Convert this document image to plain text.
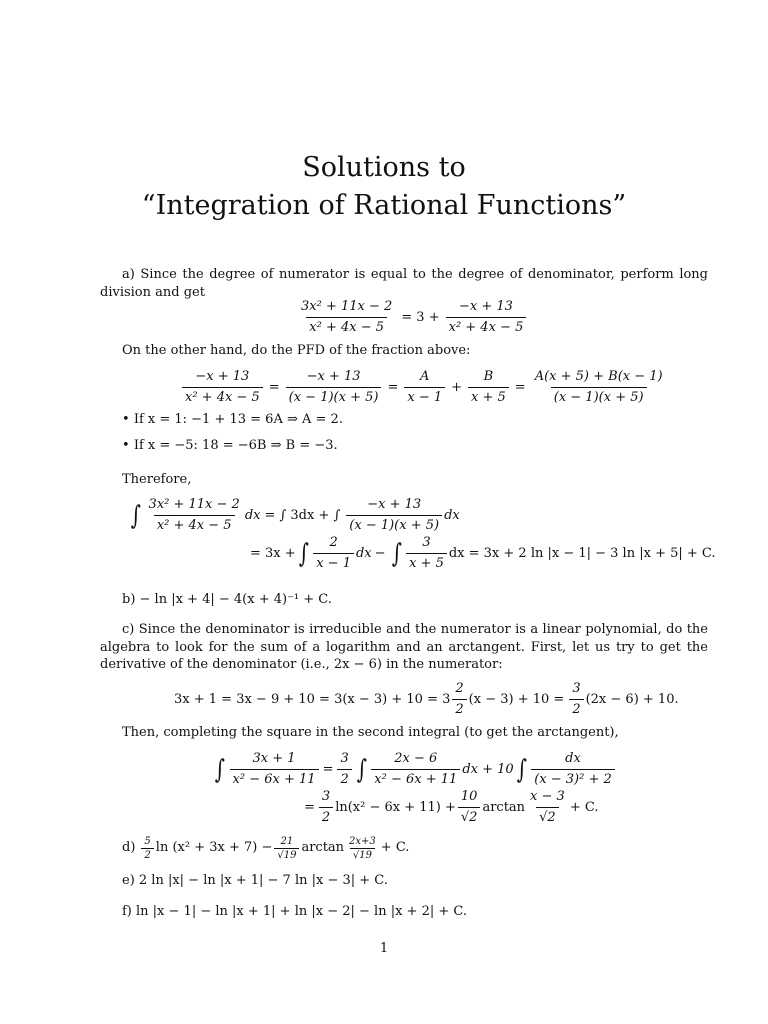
Solutions to
“Integration of Rational Functions”
a) Since the degree of numerator is equal to the degree of denominator, perform long division and get
$\frac{\text{3x² + 11x − 2}}{\text{x² + 4x − 5}} = 3 + \frac{-x + 13}{\text{x² + 4x − 5}}$
On the other hand, do the PFD of the fraction above:
$\frac{-x + 13}{\text{x² + 4x − 5}} = \frac{-x + 13}{(x - 1)(x + 5)} = \frac{A}{x - 1} + \frac{B}{x + 5} = \frac{A(x + 5) + B(x - 1)}{(x - 1)(x + 5)}$
• If x = 1: −1 + 13 = 6A ⇒ A = 2.
• If x = −5: 18 = −6B ⇒ B = −3.
Therefore,
∫ $\frac{\text{3x² + 11x − 2}}{\text{x² + 4x − 5}}$ dx = ∫ 3dx + ∫ $\frac{-x + 13}{(x - 1)(x + 5)}$ dx
= 3x + ∫ $\frac{2}{x - 1}$ dx − ∫ $\frac{3}{x + 5}$ dx = 3x + 2 ln |x − 1| − 3 ln |x + 5| + C.
b) − ln |x + 4| − 4(x + 4)⁻¹ + C.
c) Since the denominator is irreducible and the numerator is a linear polynomial, do the algebra to look for the sum of a logarithm and an arctangent. First, let us try to get the derivative of the denominator (i.e., 2x − 6) in the numerator:
$3x + 1 = 3x - 9 + 10 = 3(x - 3) + 10 = 3 \frac{2}{2} (x - 3) + 10 = \frac{3}{2} (2x - 6) + 10$.
Then, completing the square in the second integral (to get the arctangent),
∫ $\frac{3x + 1}{\text{x² − 6x + 11}} = \frac{3}{2}$ ∫ $\frac{2x - 6}{\text{x² − 6x + 11}}$ dx + 10 ∫ $\frac{dx}{\text{(x − 3)² + 2}}$
= $\frac{3}{2} \ln(x^2 - 6x + 11) + \frac{10}{√2}$ $\arctan \frac{x - 3}{√2} + C$.
$d) \frac{5}{2}$ $\ln (x^2 + 3x + 7) - \frac{21}{√19}$ $\arctan \frac{2x+3}{√19} + C$.
e) 2 ln |x| − ln |x + 1| − 7 ln |x − 3| + C.
f) ln |x − 1| − ln |x + 1| + ln |x − 2| − ln |x + 2| + C.
1
